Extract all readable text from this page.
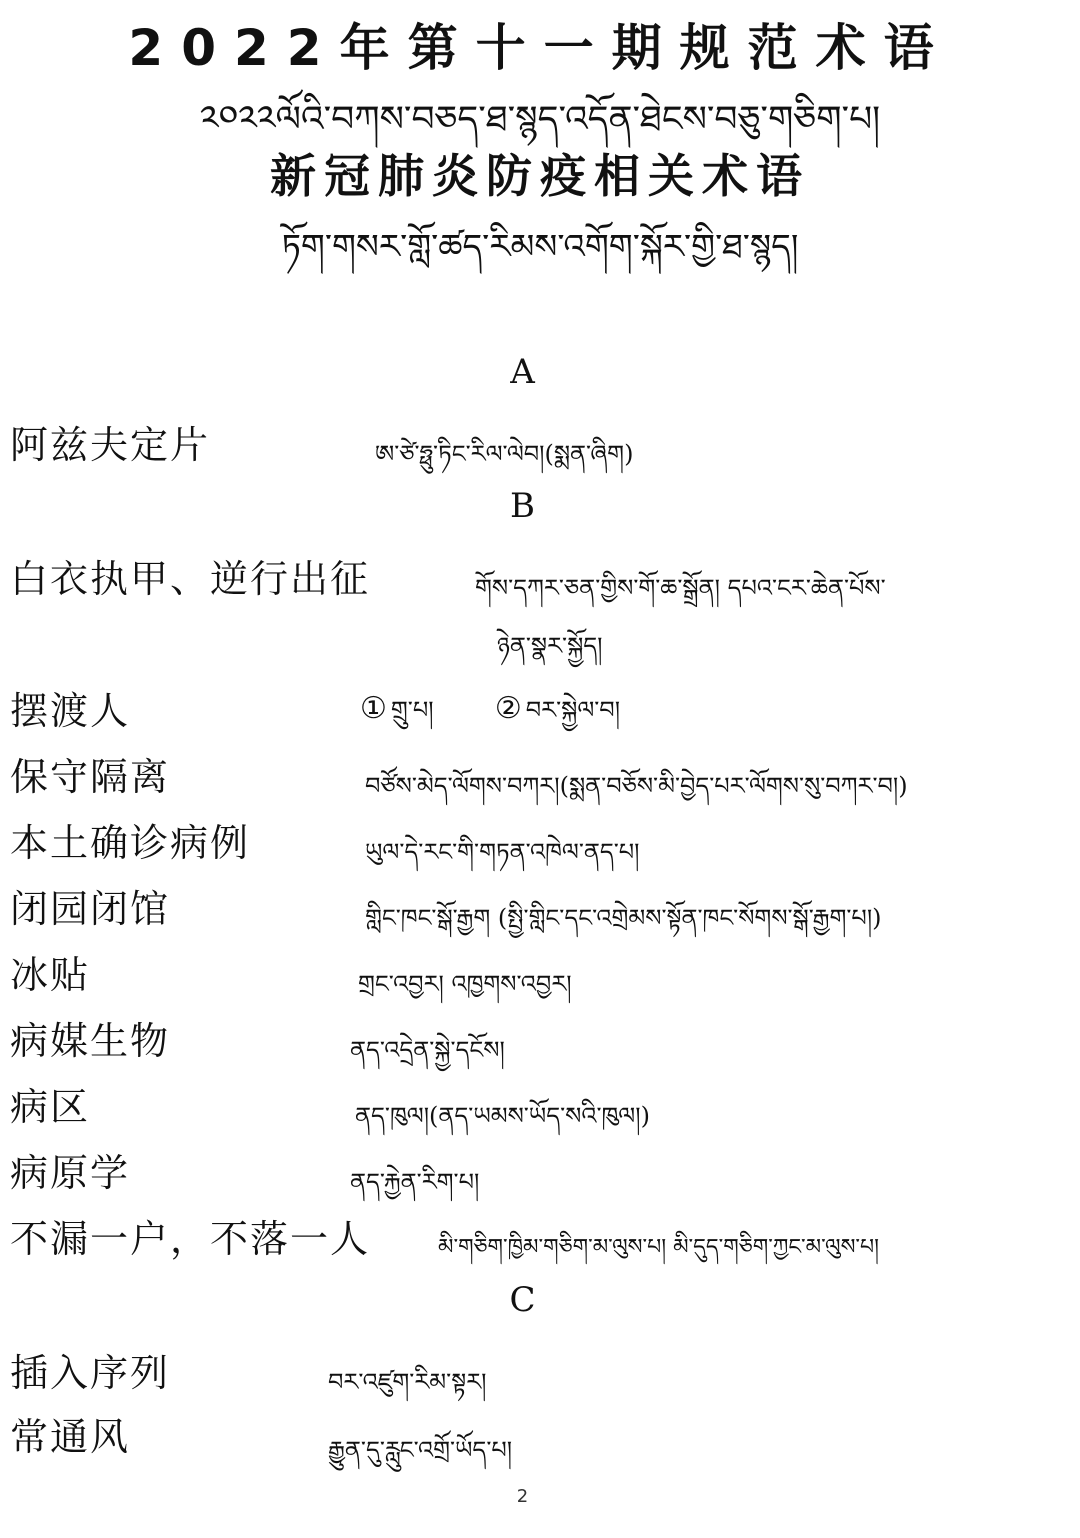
2022年第十一期规范术语
༢༠༢༢ལོའི་བཀས་བཅད་ཐ་སྙད་འདོན་ཐེངས་བཅུ་གཅིག་པ།
新冠肺炎防疫相关术语
ཏོག་གསར་གློ་ཚད་རིམས་འགོག་སྐོར་གྱི་ཐ་སྙད།
A
阿兹夫定片	ཨ་ཙེ་ཧྥུ་ཏིང་རིལ་ལེབ།(སྨན་ཞིག)
B
白衣执甲、逆行出征	གོས་དཀར་ཅན་གྱིས་གོ་ཆ་སྒྲོན། དཔའ་ངར་ཆེན་པོས་
ཉེན་སྣར་སྐྱོད།
摆渡人	① གྲུ་པ། ② བར་སྐྱེལ་བ།
保守隔离	བཙོས་མེད་ལོགས་བཀར།(སྨན་བཅོས་མི་བྱེད་པར་ལོགས་སུ་བཀར་བ།)
本土确诊病例	ཡུལ་དེ་རང་གི་གཏན་འཁེལ་ནད་པ།
闭园闭馆	གླིང་ཁང་སྒོ་རྒྱག (སྤྱི་གླིང་དང་འགྲེམས་སྟོན་ཁང་སོགས་སྒོ་རྒྱག་པ།)
冰贴	གྲང་འབྱར། འཁྱགས་འབྱར།
病媒生物	ནད་འདྲེན་སྐྱེ་དངོས།
病区	ནད་ཁུལ།(ནད་ཡམས་ཡོད་སའི་ཁུལ།)
病原学	ནད་རྐྱེན་རིག་པ།
不漏一户，不落一人	མི་གཅིག་ཁྱིམ་གཅིག་མ་ལུས་པ། མི་དུད་གཅིག་ཀྱང་མ་ལུས་པ།
C
插入序列	བར་འཛུག་རིམ་སྟར།
常通风	རྒྱུན་དུ་རླུང་འགྲོ་ཡོད་པ།
2
